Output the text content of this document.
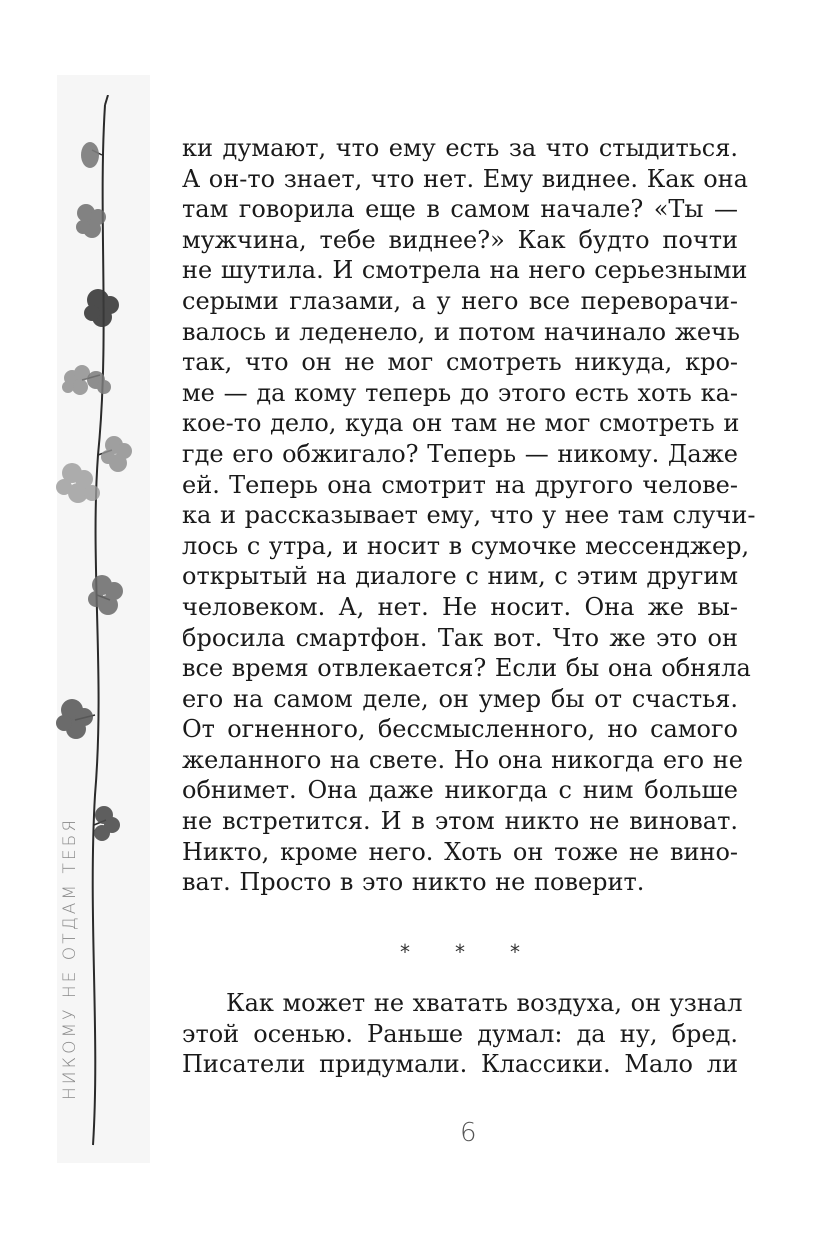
НИКОМУ НЕ ОТДАМ ТЕБЯ
ки думают, что ему есть за что стыдиться.
А он-то знает, что нет. Ему виднее. Как она
там говорила еще в самом начале? «Ты —
мужчина, тебе виднее?» Как будто почти
не шутила. И смотрела на него серьезными
серыми глазами, а у него все переворачи-
валось и леденело, и потом начинало жечь
так, что он не мог смотреть никуда, кро-
ме — да кому теперь до этого есть хоть ка-
кое-то дело, куда он там не мог смотреть и
где его обжигало? Теперь — никому. Даже
ей. Теперь она смотрит на другого челове-
ка и рассказывает ему, что у нее там случи-
лось с утра, и носит в сумочке мессенджер,
открытый на диалоге с ним, с этим другим
человеком. А, нет. Не носит. Она же вы-
бросила смартфон. Так вот. Что же это он
все время отвлекается? Если бы она обняла
его на самом деле, он умер бы от счастья.
От огненного, бессмысленного, но самого
желанного на свете. Но она никогда его не
обнимет. Она даже никогда с ним больше
не встретится. И в этом никто не виноват.
Никто, кроме него. Хоть он тоже не вино-
ват. Просто в это никто не поверит.
* * *
Как может не хватать воздуха, он узнал
этой осенью. Раньше думал: да ну, бред.
Писатели придумали. Классики. Мало ли
6
